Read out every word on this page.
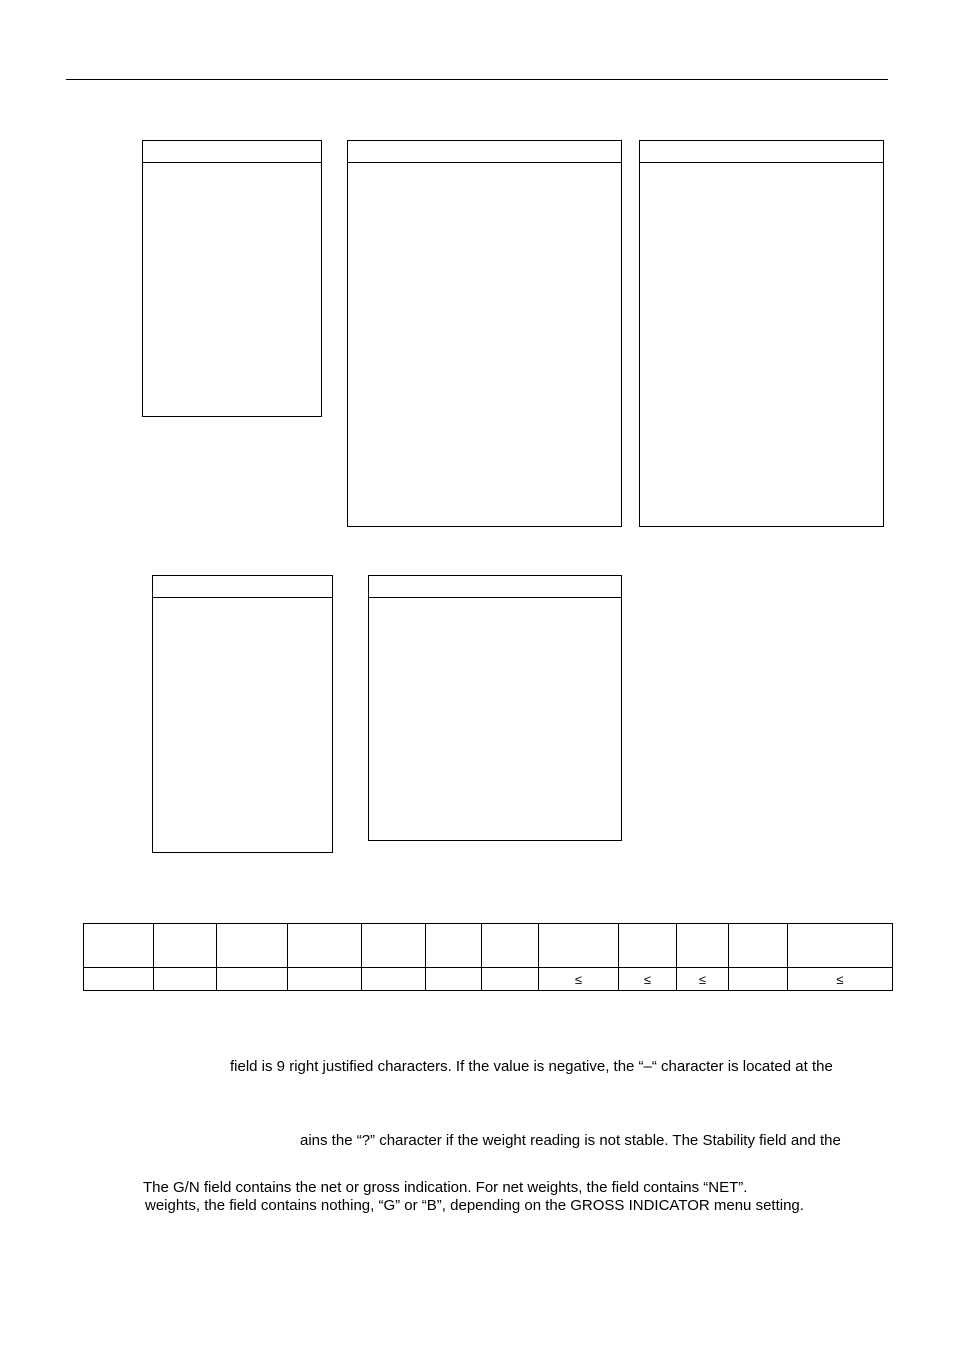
							≤	≤	≤		≤

field is 9 right justified characters. If the value is negative, the “–“ character is located at the

ains the “?” character if the weight reading is not stable. The Stability field and the

The G/N field contains the net or gross indication. For net weights, the field contains “NET”.

weights, the field contains nothing, “G” or “B”, depending on the GROSS INDICATOR menu setting.
